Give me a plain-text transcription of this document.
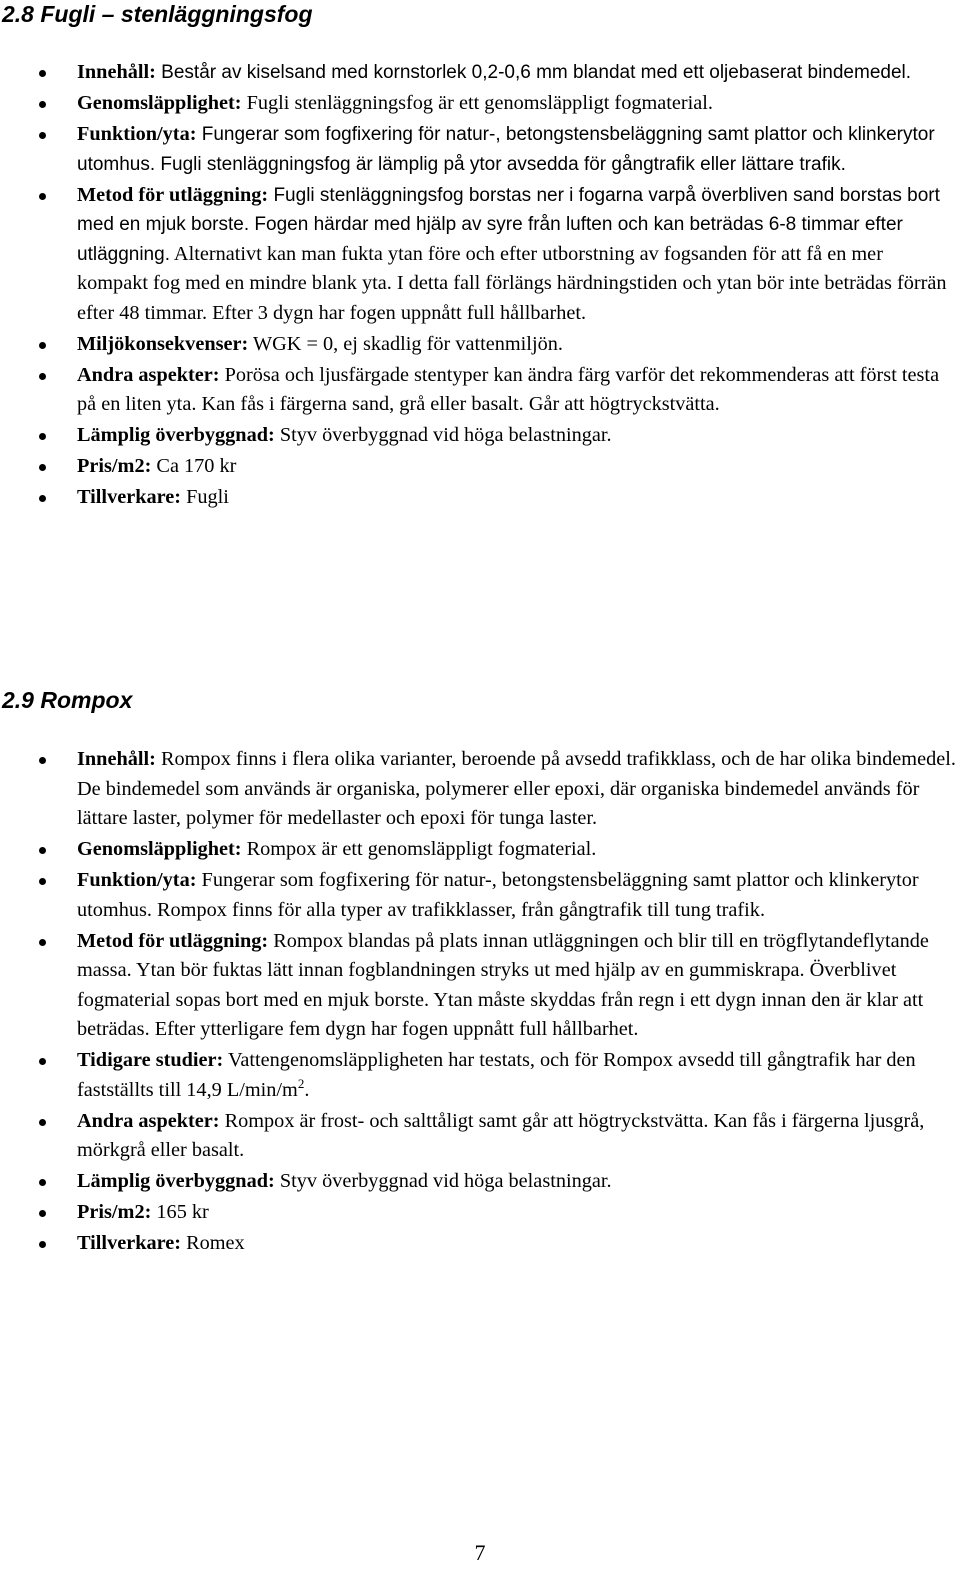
2.8 Fugli – stenläggningsfog
Innehåll: Består av kiselsand med kornstorlek 0,2-0,6 mm blandat med ett oljebaserat bindemedel.
Genomsläpplighet: Fugli stenläggningsfog är ett genomsläppligt fogmaterial.
Funktion/yta: Fungerar som fogfixering för natur-, betongstensbeläggning samt plattor och klinkerytor utomhus. Fugli stenläggningsfog är lämplig på ytor avsedda för gångtrafik eller lättare trafik.
Metod för utläggning: Fugli stenläggningsfog borstas ner i fogarna varpå överbliven sand borstas bort med en mjuk borste. Fogen härdar med hjälp av syre från luften och kan beträdas 6-8 timmar efter utläggning. Alternativt kan man fukta ytan före och efter utborstning av fogsanden för att få en mer kompakt fog med en mindre blank yta. I detta fall förlängs härdningstiden och ytan bör inte beträdas förrän efter 48 timmar. Efter 3 dygn har fogen uppnått full hållbarhet.
Miljökonsekvenser: WGK = 0, ej skadlig för vattenmiljön.
Andra aspekter: Porösa och ljusfärgade stentyper kan ändra färg varför det rekommenderas att först testa på en liten yta. Kan fås i färgerna sand, grå eller basalt. Går att högtryckstvätta.
Lämplig överbyggnad: Styv överbyggnad vid höga belastningar.
Pris/m2: Ca 170 kr
Tillverkare: Fugli
2.9 Rompox
Innehåll: Rompox finns i flera olika varianter, beroende på avsedd trafikklass, och de har olika bindemedel. De bindemedel som används är organiska, polymerer eller epoxi, där organiska bindemedel används för lättare laster, polymer för medellaster och epoxi för tunga laster.
Genomsläpplighet: Rompox är ett genomsläppligt fogmaterial.
Funktion/yta: Fungerar som fogfixering för natur-, betongstensbeläggning samt plattor och klinkerytor utomhus. Rompox finns för alla typer av trafikklasser, från gångtrafik till tung trafik.
Metod för utläggning: Rompox blandas på plats innan utläggningen och blir till en trögflytandeflytande massa. Ytan bör fuktas lätt innan fogblandningen stryks ut med hjälp av en gummiskrapa. Överblivet fogmaterial sopas bort med en mjuk borste. Ytan måste skyddas från regn i ett dygn innan den är klar att beträdas. Efter ytterligare fem dygn har fogen uppnått full hållbarhet.
Tidigare studier: Vattengenomsläppligheten har testats, och för Rompox avsedd till gångtrafik har den fastställts till 14,9 $L/\min/m^2$.
Andra aspekter: Rompox är frost- och salttåligt samt går att högtryckstvätta. Kan fås i färgerna ljusgrå, mörkgrå eller basalt.
Lämplig överbyggnad: Styv överbyggnad vid höga belastningar.
Pris/m2: 165 kr
Tillverkare: Romex
7
